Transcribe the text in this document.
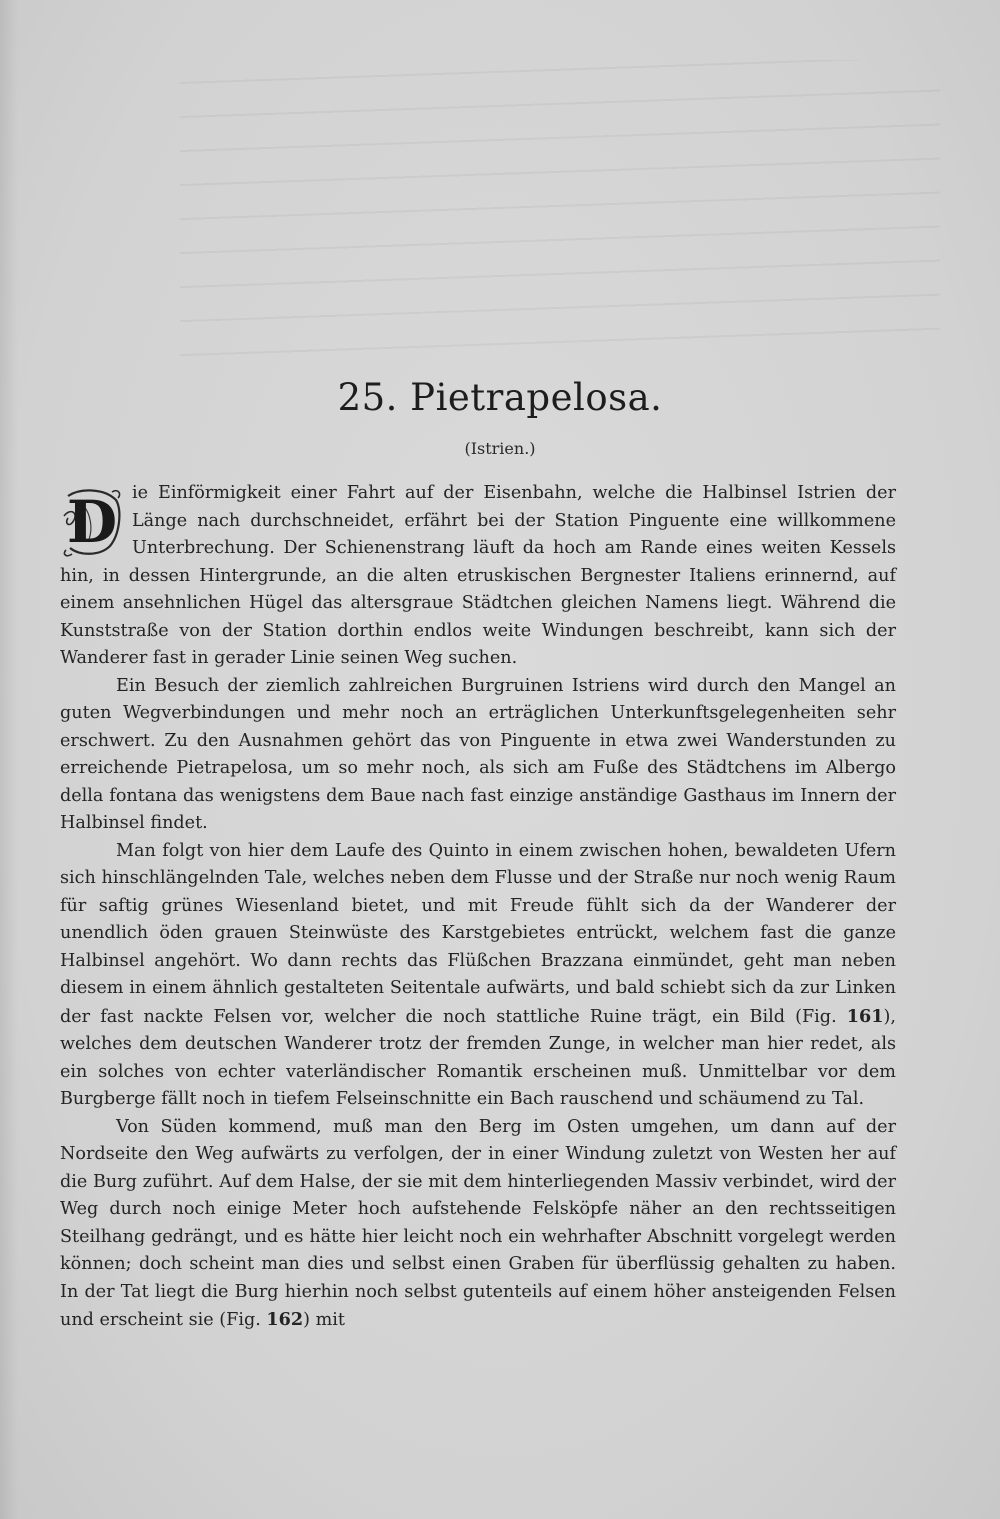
25. Pietrapelosa.
(Istrien.)

D ie Einförmigkeit einer Fahrt auf der Eisenbahn, welche die Halbinsel Istrien der Länge nach durchschneidet, erfährt bei der Station Pinguente eine willkommene Unterbrechung. Der Schienenstrang läuft da hoch am Rande eines weiten Kessels hin, in dessen Hintergrunde, an die alten etruskischen Bergnester Italiens erinnernd, auf einem ansehnlichen Hügel das altersgraue Städtchen gleichen Namens liegt. Während die Kunststraße von der Station dorthin endlos weite Windungen beschreibt, kann sich der Wanderer fast in gerader Linie seinen Weg suchen.

Ein Besuch der ziemlich zahlreichen Burgruinen Istriens wird durch den Mangel an guten Wegverbindungen und mehr noch an erträglichen Unterkunftsgelegenheiten sehr erschwert. Zu den Ausnahmen gehört das von Pinguente in etwa zwei Wanderstunden zu erreichende Pietrapelosa, um so mehr noch, als sich am Fuße des Städtchens im Albergo della fontana das wenigstens dem Baue nach fast einzige anständige Gasthaus im Innern der Halbinsel findet.

Man folgt von hier dem Laufe des Quinto in einem zwischen hohen, bewaldeten Ufern sich hinschlängelnden Tale, welches neben dem Flusse und der Straße nur noch wenig Raum für saftig grünes Wiesenland bietet, und mit Freude fühlt sich da der Wanderer der unendlich öden grauen Steinwüste des Karstgebietes entrückt, welchem fast die ganze Halbinsel angehört. Wo dann rechts das Flüßchen Brazzana einmündet, geht man neben diesem in einem ähnlich gestalteten Seitentale aufwärts, und bald schiebt sich da zur Linken der fast nackte Felsen vor, welcher die noch stattliche Ruine trägt, ein Bild (Fig. 161), welches dem deutschen Wanderer trotz der fremden Zunge, in welcher man hier redet, als ein solches von echter vaterländischer Romantik erscheinen muß. Unmittelbar vor dem Burgberge fällt noch in tiefem Felseinschnitte ein Bach rauschend und schäumend zu Tal.

Von Süden kommend, muß man den Berg im Osten umgehen, um dann auf der Nordseite den Weg aufwärts zu verfolgen, der in einer Windung zuletzt von Westen her auf die Burg zuführt. Auf dem Halse, der sie mit dem hinterliegenden Massiv verbindet, wird der Weg durch noch einige Meter hoch aufstehende Felsköpfe näher an den rechtsseitigen Steilhang gedrängt, und es hätte hier leicht noch ein wehrhafter Abschnitt vorgelegt werden können; doch scheint man dies und selbst einen Graben für überflüssig gehalten zu haben. In der Tat liegt die Burg hierhin noch selbst gutenteils auf einem höher ansteigenden Felsen und erscheint sie (Fig. 162) mit
